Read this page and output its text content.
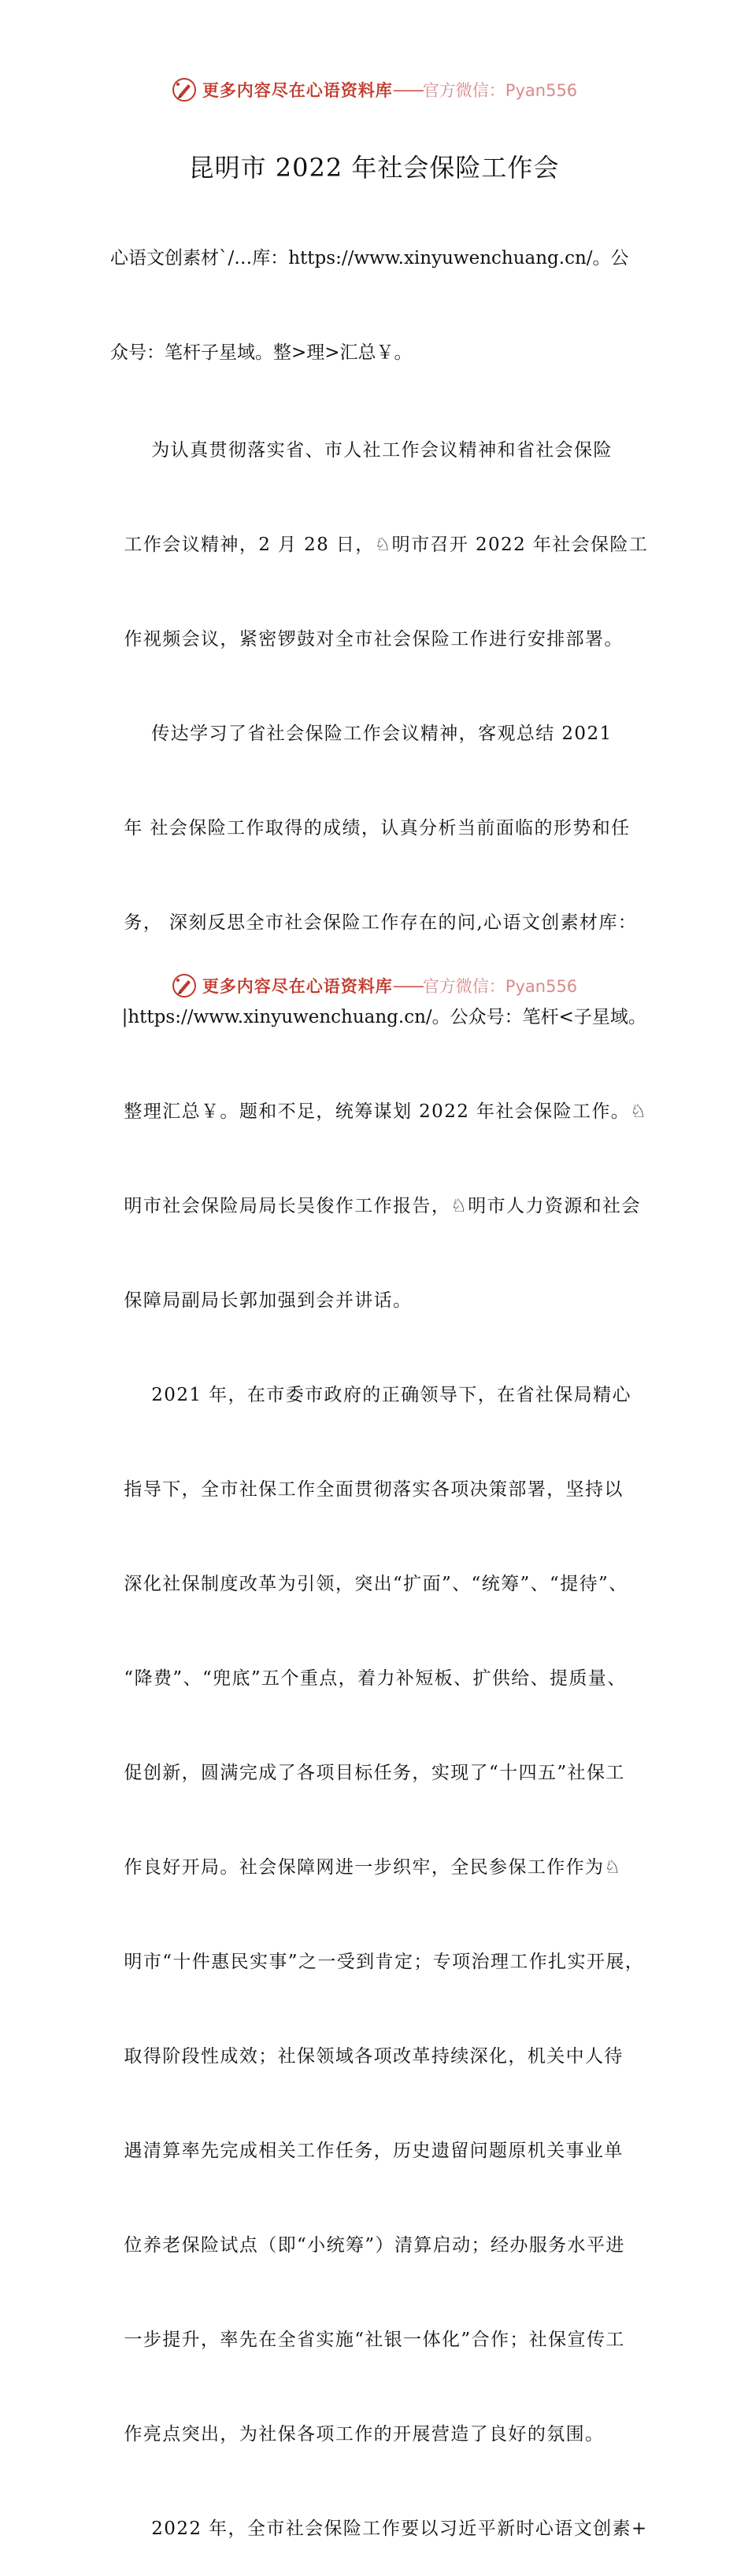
更多内容尽在心语资料库 —— 官方微信：Pyan556
昆明市 2022 年社会保险工作会

心语文创素材`/…库：https://www.xinyuwenchuang.cn/。公

众号：笔杆子星域。整>理>汇总￥。

为认真贯彻落实省、市人社工作会议精神和省社会保险

工作会议精神，2 月 28 日，♘明市召开 2022 年社会保险工

作视频会议，紧密锣鼓对全市社会保险工作进行安排部署。

传达学习了省社会保险工作会议精神，客观总结 2021

年 社会保险工作取得的成绩，认真分析当前面临的形势和任

务， 深刻反思全市社会保险工作存在的问,心语文创素材库：

|https://www.xinyuwenchuang.cn/。公众号：笔杆<子星域。

整理汇总￥。题和不足，统筹谋划 2022 年社会保险工作。♘

明市社会保险局局长吴俊作工作报告，♘明市人力资源和社会

保障局副局长郭加强到会并讲话。

2021 年，在市委市政府的正确领导下，在省社保局精心

指导下，全市社保工作全面贯彻落实各项决策部署，坚持以

深化社保制度改革为引领，突出“扩面”、“统筹”、“提待”、

“降费”、“兜底”五个重点，着力补短板、扩供给、提质量、

促创新，圆满完成了各项目标任务，实现了“十四五”社保工

作良好开局。社会保障网进一步织牢，全民参保工作作为♘

明市“十件惠民实事”之一受到肯定；专项治理工作扎实开展，

取得阶段性成效；社保领域各项改革持续深化，机关中人待

遇清算率先完成相关工作任务，历史遗留问题原机关事业单

位养老保险试点（即“小统筹”）清算启动；经办服务水平进

一步提升，率先在全省实施“社银一体化”合作；社保宣传工

作亮点突出，为社保各项工作的开展营造了良好的氛围。

2022 年，全市社会保险工作要以习近平新时心语文创素+

更多内容尽在心语资料库 —— 官方微信：Pyan556
